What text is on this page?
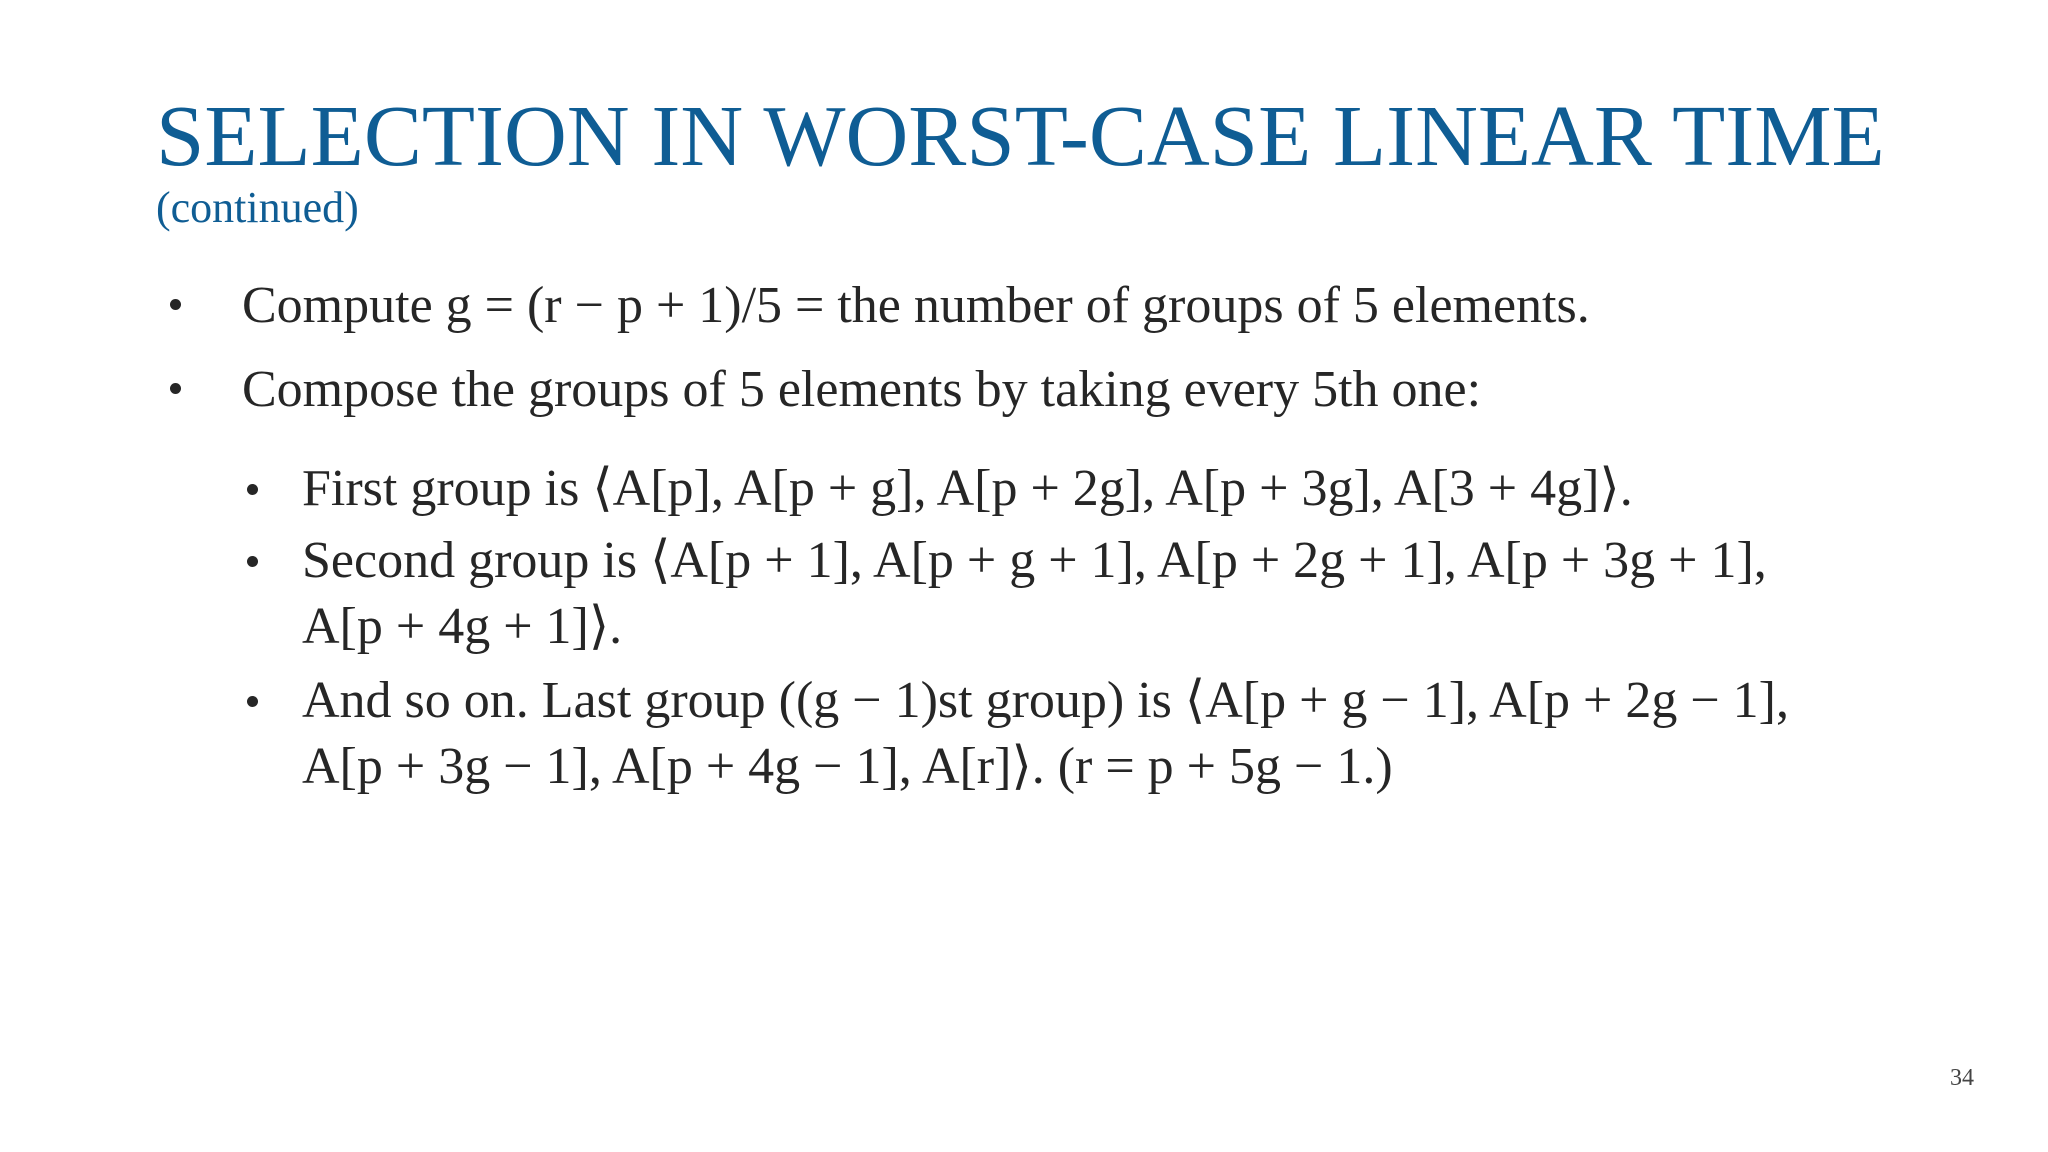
SELECTION IN WORST-CASE LINEAR TIME
(continued)
Compute g = (r − p + 1)/5 = the number of groups of 5 elements.
Compose the groups of 5 elements by taking every 5th one:
First group is ⟨A[p], A[p + g], A[p + 2g], A[p + 3g], A[3 + 4g]⟩.
Second group is ⟨A[p + 1], A[p + g + 1], A[p + 2g + 1], A[p + 3g + 1],
A[p + 4g + 1]⟩.
And so on. Last group ((g − 1)st group) is ⟨A[p + g − 1], A[p + 2g − 1],
A[p + 3g − 1], A[p + 4g − 1], A[r]⟩. (r = p + 5g − 1.)
34
